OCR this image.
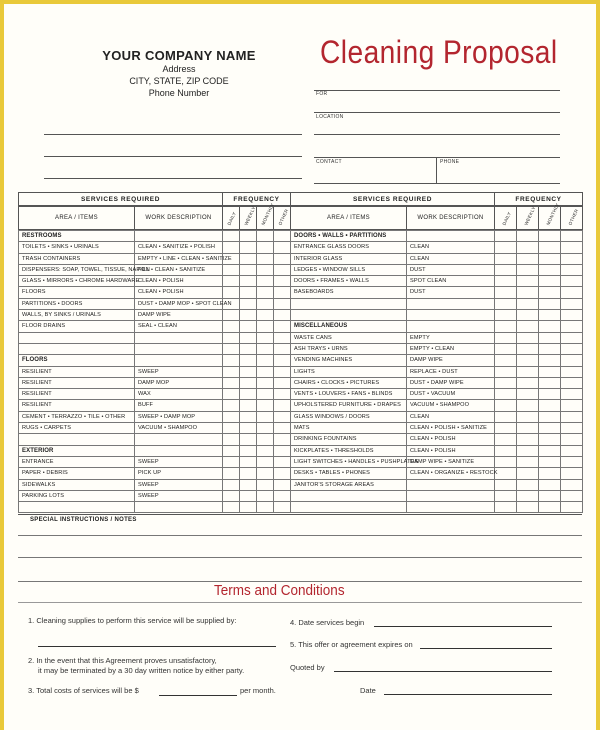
YOUR COMPANY NAME
Address
CITY, STATE, ZIP CODE
Phone Number
Cleaning Proposal
FOR
LOCATION
CONTACT	PHONE
SERVICES REQUIRED	FREQUENCY	SERVICES REQUIRED	FREQUENCY
AREA / ITEMS	WORK DESCRIPTION	DAILY	WEEKLY	MONTHLY	OTHER	AREA / ITEMS	WORK DESCRIPTION	DAILY	WEEKLY	MONTHLY	OTHER
RESTROOMS					
TOILETS • SINKS • URINALS	CLEAN • SANITIZE • POLISH				
TRASH CONTAINERS	EMPTY • LINE • CLEAN • SANITIZE				
DISPENSERS: SOAP, TOWEL, TISSUE, NAPKIN	FILL • CLEAN • SANITIZE				
GLASS • MIRRORS • CHROME HARDWARE	CLEAN • POLISH				
FLOORS	CLEAN • POLISH				
PARTITIONS • DOORS	DUST • DAMP MOP • SPOT CLEAN				
WALLS, BY SINKS / URINALS	DAMP WIPE				
FLOOR DRAINS	SEAL • CLEAN				

FLOORS					
RESILIENT	SWEEP				
RESILIENT	DAMP MOP				
RESILIENT	WAX				
RESILIENT	BUFF				
CEMENT • TERRAZZO • TILE • OTHER	SWEEP • DAMP MOP				
RUGS • CARPETS	VACUUM • SHAMPOO				

EXTERIOR					
ENTRANCE	SWEEP				
PAPER • DEBRIS	PICK UP				
SIDEWALKS	SWEEP				
PARKING LOTS	SWEEP				

DOORS • WALLS • PARTITIONS					
ENTRANCE GLASS DOORS	CLEAN				
INTERIOR GLASS	CLEAN				
LEDGES • WINDOW SILLS	DUST				
DOORS • FRAMES • WALLS	SPOT CLEAN				
BASEBOARDS	DUST				

MISCELLANEOUS					
WASTE CANS	EMPTY				
ASH TRAYS • URNS	EMPTY • CLEAN				
VENDING MACHINES	DAMP WIPE				
LIGHTS	REPLACE • DUST				
CHAIRS • CLOCKS • PICTURES	DUST • DAMP WIPE				
VENTS • LOUVERS • FANS • BLINDS	DUST • VACUUM				
UPHOLSTERED FURNITURE • DRAPES	VACUUM • SHAMPOO				
GLASS WINDOWS / DOORS	CLEAN				
MATS	CLEAN • POLISH • SANITIZE				
DRINKING FOUNTAINS	CLEAN • POLISH				
KICKPLATES • THRESHOLDS	CLEAN • POLISH				
LIGHT SWITCHES • HANDLES • PUSHPLATES	DAMP WIPE • SANITIZE				
DESKS • TABLES • PHONES	CLEAN • ORGANIZE • RESTOCK				
JANITOR'S STORAGE AREAS					

SPECIAL INSTRUCTIONS / NOTES
Terms and Conditions
1. Cleaning supplies to perform this service will be supplied by:
2. In the event that this Agreement proves unsatisfactory,
it may be terminated by a 30 day written notice by either party.
3. Total costs of services will be $	per month.
4. Date services begin
5. This offer or agreement expires on
Quoted by
Date
